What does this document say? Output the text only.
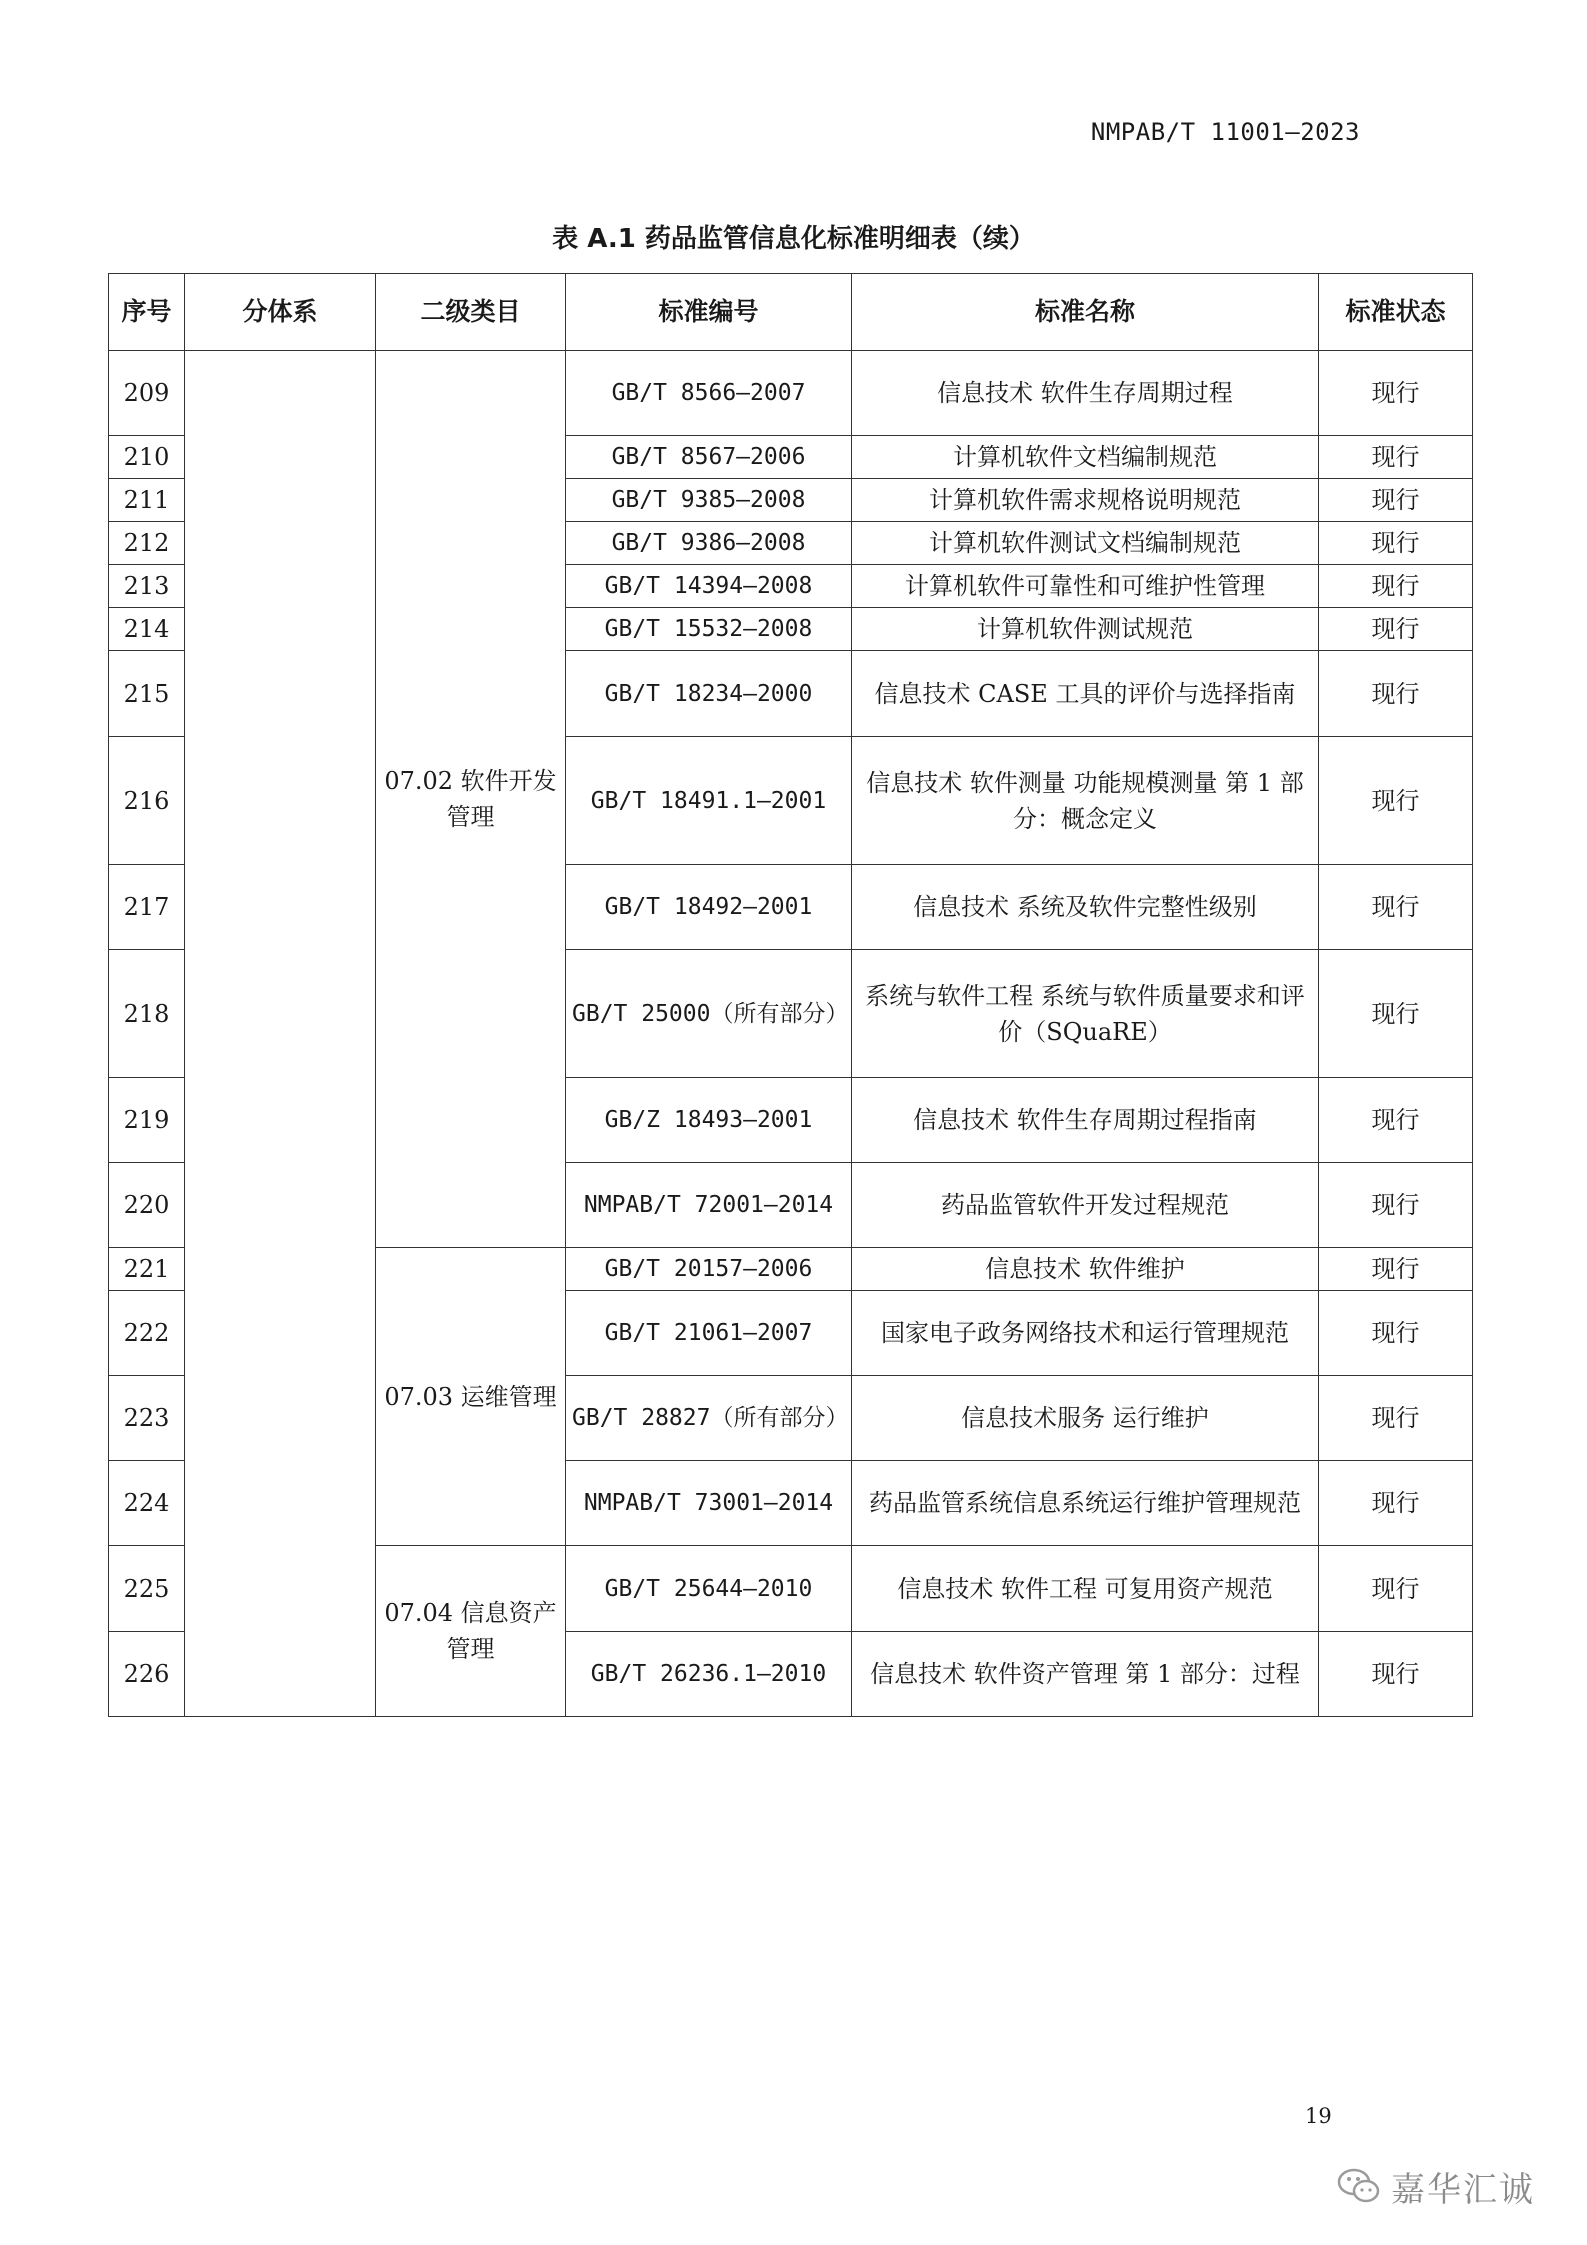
NMPAB/T 11001—2023
表 A.1 药品监管信息化标准明细表（续）
序号	分体系	二级类目	标准编号	标准名称	标准状态
209		07.02 软件开发管理	GB/T 8566—2007	信息技术 软件生存周期过程	现行
210			GB/T 8567—2006	计算机软件文档编制规范	现行
211			GB/T 9385—2008	计算机软件需求规格说明规范	现行
212			GB/T 9386—2008	计算机软件测试文档编制规范	现行
213			GB/T 14394—2008	计算机软件可靠性和可维护性管理	现行
214			GB/T 15532—2008	计算机软件测试规范	现行
215			GB/T 18234—2000	信息技术 CASE 工具的评价与选择指南	现行
216			GB/T 18491.1—2001	信息技术 软件测量 功能规模测量 第 1 部分：概念定义	现行
217			GB/T 18492—2001	信息技术 系统及软件完整性级别	现行
218			GB/T 25000（所有部分）	系统与软件工程 系统与软件质量要求和评价（SQuaRE）	现行
219			GB/Z 18493—2001	信息技术 软件生存周期过程指南	现行
220			NMPAB/T 72001—2014	药品监管软件开发过程规范	现行
221		07.03 运维管理	GB/T 20157—2006	信息技术 软件维护	现行
222			GB/T 21061—2007	国家电子政务网络技术和运行管理规范	现行
223			GB/T 28827（所有部分）	信息技术服务 运行维护	现行
224			NMPAB/T 73001—2014	药品监管系统信息系统运行维护管理规范	现行
225		07.04 信息资产管理	GB/T 25644—2010	信息技术 软件工程 可复用资产规范	现行
226			GB/T 26236.1—2010	信息技术 软件资产管理 第 1 部分：过程	现行
19
嘉华汇诚
